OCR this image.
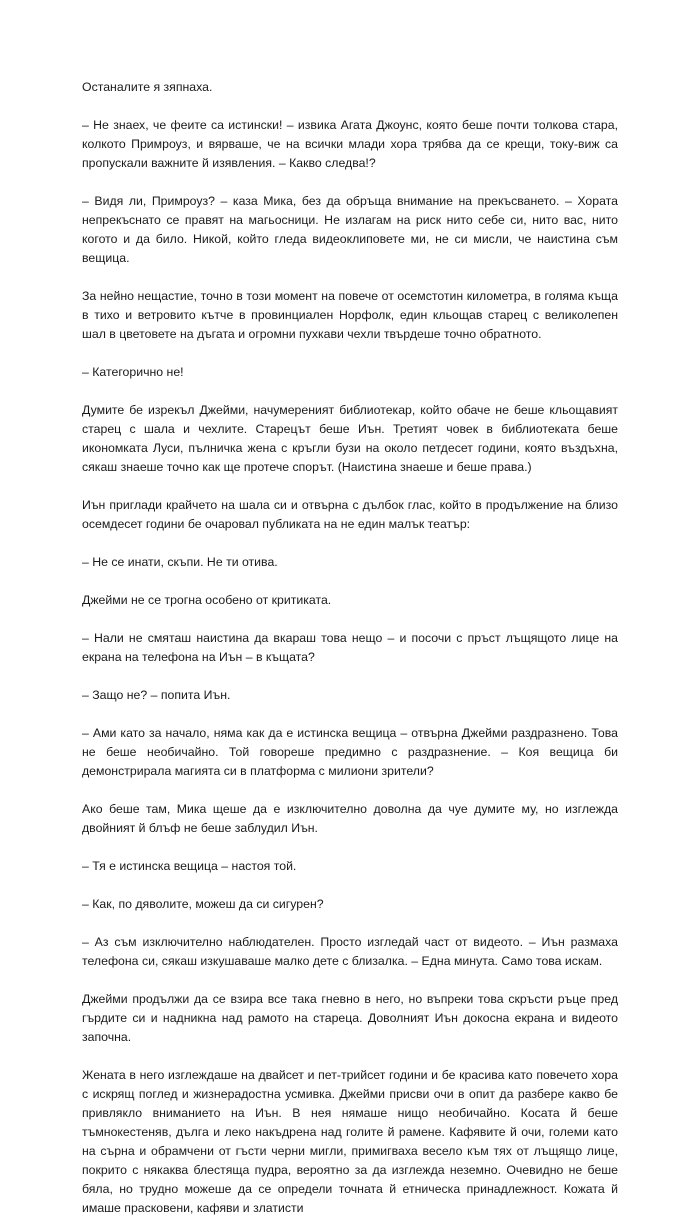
Останалите я зяпнаха.

– Не знаех, че феите са истински! – извика Агата Джоунс, която беше почти толкова стара, колкото Примроуз, и вярваше, че на всички млади хора трябва да се крещи, току-виж са пропускали важните й изявления. – Какво следва!?

– Видя ли, Примроуз? – каза Мика, без да обръща внимание на прекъсването. – Хората непрекъснато се правят на магьосници. Не излагам на риск нито себе си, нито вас, нито когото и да било. Никой, който гледа видеоклиповете ми, не си мисли, че наистина съм вещица.

За нейно нещастие, точно в този момент на повече от осемстотин километра, в голяма къща в тихо и ветровито кътче в провинциален Норфолк, един кльощав старец с великолепен шал в цветовете на дъгата и огромни пухкави чехли твърдеше точно обратното.

– Категорично не!

Думите бе изрекъл Джейми, начумереният библиотекар, който обаче не беше кльощавият старец с шала и чехлите. Старецът беше Иън. Третият човек в библиотеката беше икономката Луси, пълничка жена с кръгли бузи на около петдесет години, която въздъхна, сякаш знаеше точно как ще протече спорът. (Наистина знаеше и беше права.)

Иън приглади крайчето на шала си и отвърна с дълбок глас, който в продължение на близо осемдесет години бе очаровал публиката на не един малък театър:

– Не се инати, скъпи. Не ти отива.

Джейми не се трогна особено от критиката.

– Нали не смяташ наистина да вкараш това нещо – и посочи с пръст лъщящото лице на екрана на телефона на Иън – в къщата?

– Защо не? – попита Иън.

– Ами като за начало, няма как да е истинска вещица – отвърна Джейми раздразнено. Това не беше необичайно. Той говореше предимно с раздразнение. – Коя вещица би демонстрирала магията си в платформа с милиони зрители?

Ако беше там, Мика щеше да е изключително доволна да чуе думите му, но изглежда двойният й блъф не беше заблудил Иън.

– Тя е истинска вещица – настоя той.

– Как, по дяволите, можеш да си сигурен?

– Аз съм изключително наблюдателен. Просто изгледай част от видеото. – Иън размаха телефона си, сякаш изкушаваше малко дете с близалка. – Една минута. Само това искам.

Джейми продължи да се взира все така гневно в него, но въпреки това скръсти ръце пред гърдите си и надникна над рамото на стареца. Доволният Иън докосна екрана и видеото започна.

Жената в него изглеждаше на двайсет и пет-трийсет години и бе красива като повечето хора с искрящ поглед и жизнерадостна усмивка. Джейми присви очи в опит да разбере какво бе привлякло вниманието на Иън. В нея нямаше нищо необичайно. Косата й беше тъмнокестеняв, дълга и леко накъдрена над голите й рамене. Кафявите й очи, големи като на сърна и обрамчени от гъсти черни мигли, примигваха весело към тях от лъщящо лице, покрито с някаква блестяща пудра, вероятно за да изглежда неземно. Очевидно не беше бяла, но трудно можеше да се определи точната й етническа принадлежност. Кожата й имаше прасковени, кафяви и златисти
